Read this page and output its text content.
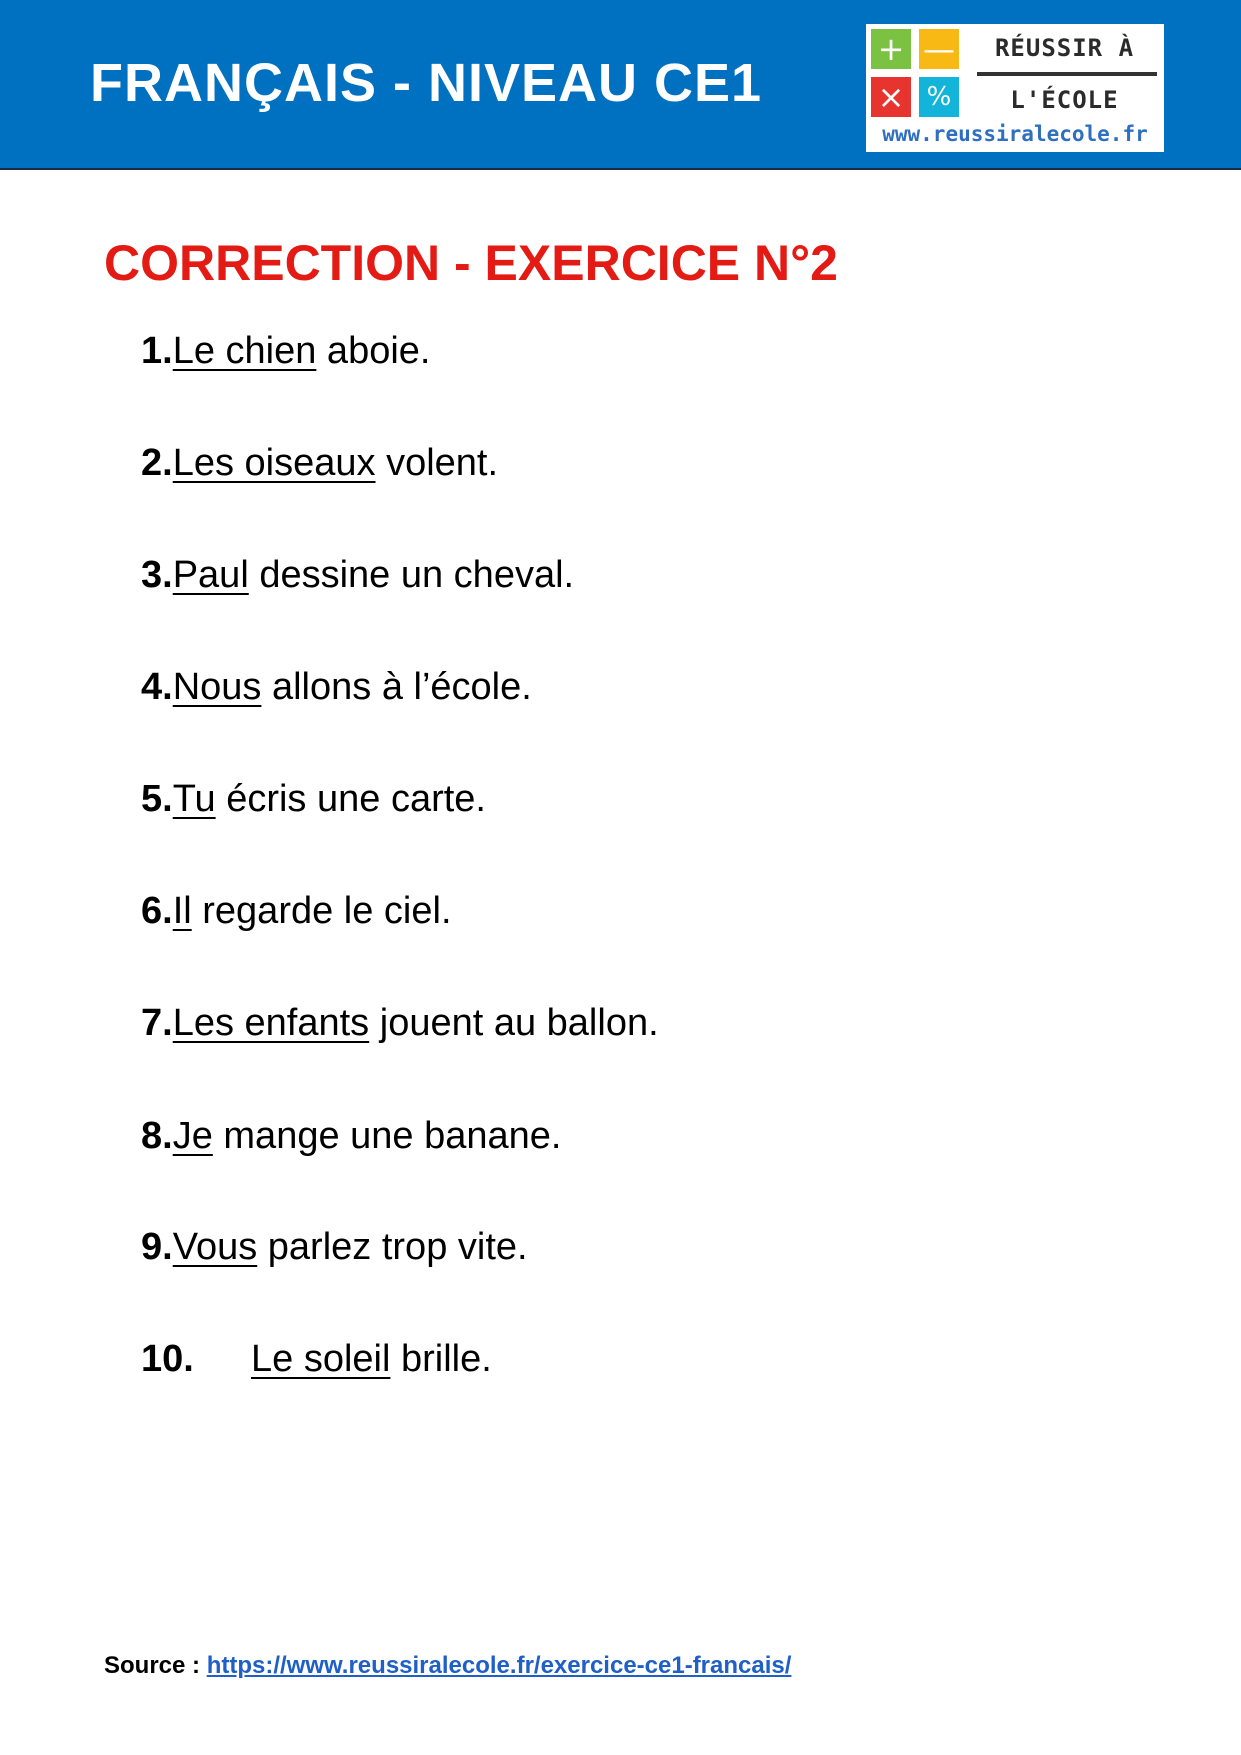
FRANÇAIS - NIVEAU CE1
+ —
× %
RÉUSSIR À
L'ÉCOLE
www.reussiralecole.fr
CORRECTION - EXERCICE N°2
1.Le chien aboie.
2.Les oiseaux volent.
3.Paul dessine un cheval.
4.Nous allons à l’école.
5.Tu écris une carte.
6.Il regarde le ciel.
7.Les enfants jouent au ballon.
8.Je mange une banane.
9.Vous parlez trop vite.
10. Le soleil brille.
Source : https://www.reussiralecole.fr/exercice-ce1-francais/
